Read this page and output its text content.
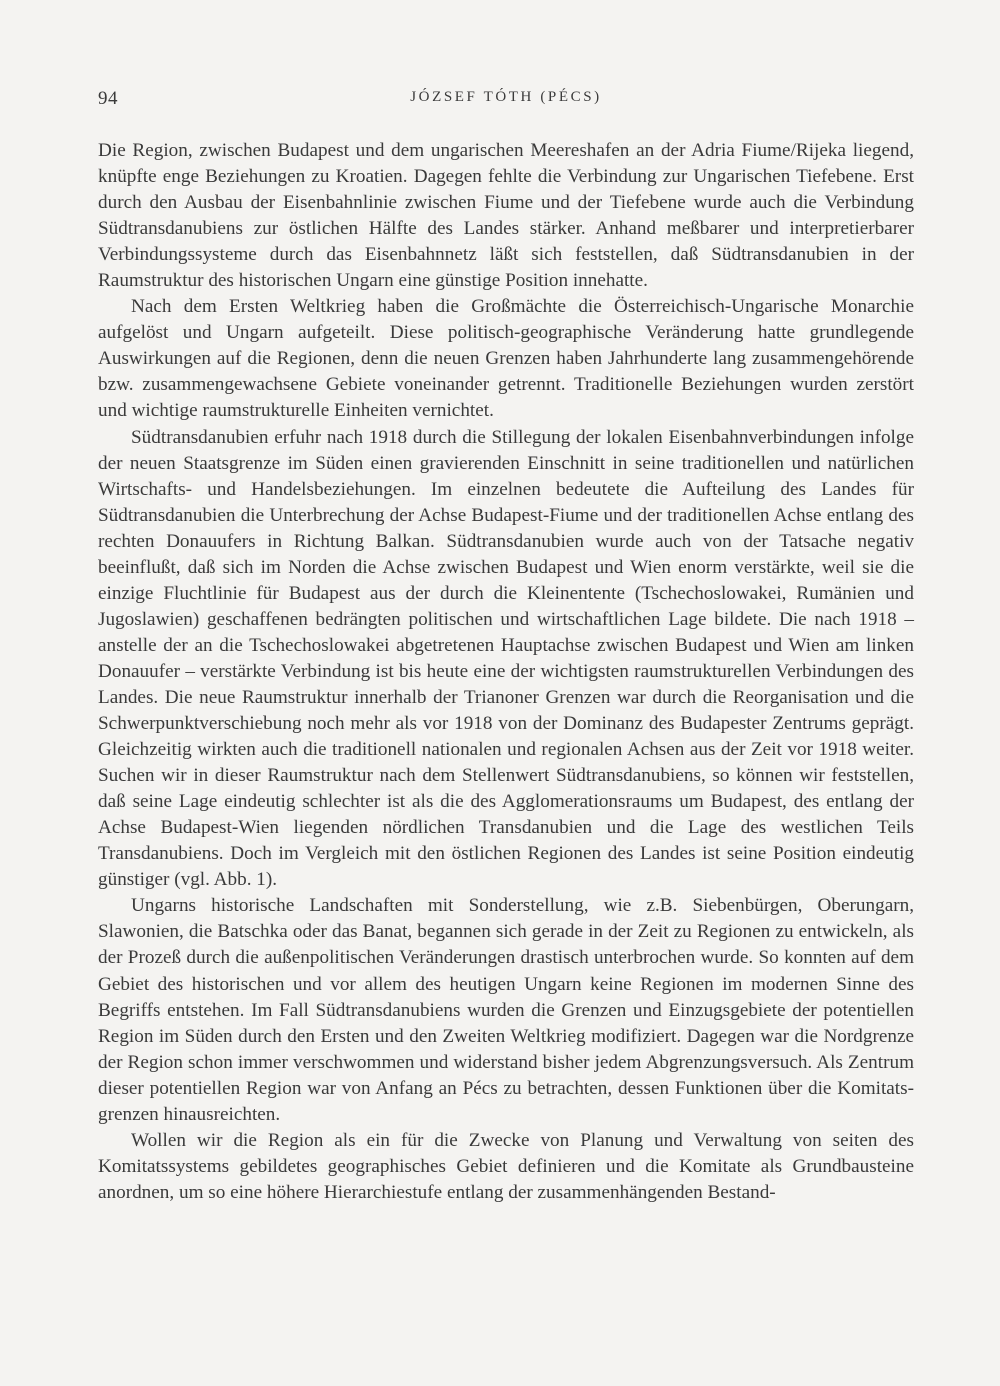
94	JÓZSEF TÓTH (PÉCS)

Die Region, zwischen Budapest und dem ungarischen Meereshafen an der Adria Fiume/Rijeka liegend, knüpfte enge Beziehungen zu Kroatien. Dagegen fehlte die Verbindung zur Ungarischen Tiefebene. Erst durch den Ausbau der Eisenbahnlinie zwischen Fiume und der Tiefebene wurde auch die Verbindung Südtransdanubiens zur östlichen Hälfte des Landes stärker. Anhand meßbarer und interpretierbarer Verbindungssysteme durch das Eisenbahnnetz läßt sich feststellen, daß Südtransdanubien in der Raumstruktur des historischen Ungarn eine günstige Position innehatte.

Nach dem Ersten Weltkrieg haben die Großmächte die Österreichisch-Ungarische Monarchie aufgelöst und Ungarn aufgeteilt. Diese politisch-geographische Veränderung hatte grundlegende Auswirkungen auf die Regionen, denn die neuen Grenzen haben Jahrhunderte lang zusammengehörende bzw. zusammengewachsene Gebiete voneinander getrennt. Traditionelle Beziehungen wurden zerstört und wichtige raumstrukturelle Einheiten vernichtet.

Südtransdanubien erfuhr nach 1918 durch die Stillegung der lokalen Eisenbahnverbindungen infolge der neuen Staatsgrenze im Süden einen gravierenden Einschnitt in seine traditionellen und natürlichen Wirtschafts- und Handelsbeziehungen. Im einzelnen bedeutete die Aufteilung des Landes für Südtransdanubien die Unterbrechung der Achse Budapest-Fiume und der traditionellen Achse entlang des rechten Donauufers in Richtung Balkan. Südtransdanubien wurde auch von der Tatsache negativ beeinflußt, daß sich im Norden die Achse zwischen Budapest und Wien enorm verstärkte, weil sie die einzige Fluchtlinie für Budapest aus der durch die Kleinentente (Tschechoslowakei, Rumänien und Jugoslawien) geschaffenen bedrängten politischen und wirtschaftlichen Lage bildete. Die nach 1918 – anstelle der an die Tschechoslowakei abgetretenen Hauptachse zwischen Budapest und Wien am linken Donauufer – verstärkte Verbindung ist bis heute eine der wichtigsten raumstrukturellen Verbindungen des Landes. Die neue Raumstruktur innerhalb der Trianoner Grenzen war durch die Reorganisation und die Schwerpunktverschiebung noch mehr als vor 1918 von der Dominanz des Budapester Zentrums geprägt. Gleichzeitig wirkten auch die traditionell nationalen und regionalen Achsen aus der Zeit vor 1918 weiter. Suchen wir in dieser Raumstruktur nach dem Stellenwert Südtransdanubiens, so können wir feststellen, daß seine Lage eindeutig schlechter ist als die des Agglomerationsraums um Budapest, des entlang der Achse Budapest-Wien liegenden nördlichen Transdanubien und die Lage des westlichen Teils Transdanubiens. Doch im Vergleich mit den östlichen Regionen des Landes ist seine Position eindeutig günstiger (vgl. Abb. 1).

Ungarns historische Landschaften mit Sonderstellung, wie z.B. Siebenbürgen, Oberungarn, Slawonien, die Batschka oder das Banat, begannen sich gerade in der Zeit zu Regionen zu entwickeln, als der Prozeß durch die außenpolitischen Veränderungen drastisch unterbrochen wurde. So konnten auf dem Gebiet des historischen und vor allem des heutigen Ungarn keine Regionen im modernen Sinne des Begriffs entstehen. Im Fall Südtransdanubiens wurden die Grenzen und Einzugsgebiete der potentiellen Region im Süden durch den Ersten und den Zweiten Weltkrieg modifiziert. Dagegen war die Nordgrenze der Region schon immer verschwommen und widerstand bisher jedem Abgrenzungsversuch. Als Zentrum dieser potentiellen Region war von Anfang an Pécs zu betrachten, dessen Funktionen über die Komitatsgrenzen hinausreichten.

Wollen wir die Region als ein für die Zwecke von Planung und Verwaltung von seiten des Komitatssystems gebildetes geographisches Gebiet definieren und die Komitate als Grundbausteine anordnen, um so eine höhere Hierarchiestufe entlang der zusammenhängenden Bestand-
